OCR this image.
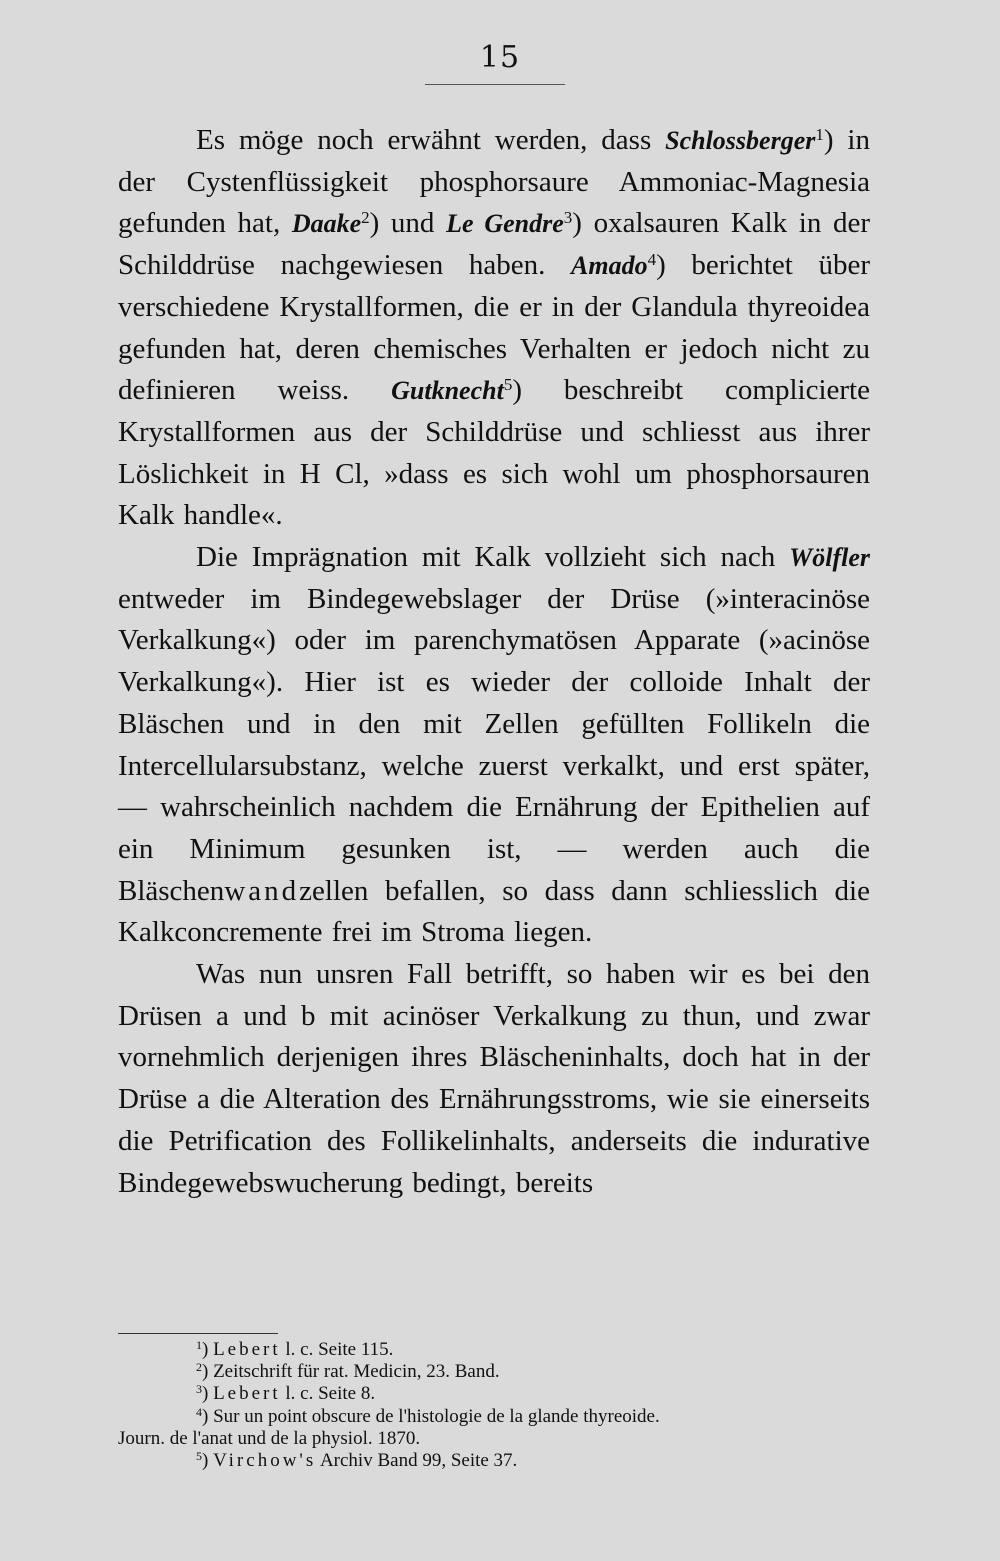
15

Es möge noch erwähnt werden, dass Schlossberger$^1$) in der Cystenflüssigkeit phosphorsaure Ammoniac-Magnesia gefunden hat, Daake$^2$) und Le Gendre$^3$) oxalsauren Kalk in der Schilddrüse nachgewiesen haben. Amado$^4$) berichtet über verschiedene Krystallformen, die er in der Glandula thyreoidea gefunden hat, deren chemisches Verhalten er jedoch nicht zu definieren weiss. Gutknecht$^5$) beschreibt complicierte Krystallformen aus der Schilddrüse und schliesst aus ihrer Löslichkeit in H Cl, »dass es sich wohl um phosphorsauren Kalk handle«.

Die Imprägnation mit Kalk vollzieht sich nach Wölfler entweder im Bindegewebslager der Drüse (»interacinöse Verkalkung«) oder im parenchymatösen Apparate (»acinöse Verkalkung«). Hier ist es wieder der colloide Inhalt der Bläschen und in den mit Zellen gefüllten Follikeln die Intercellularsubstanz, welche zuerst verkalkt, und erst später, — wahrscheinlich nachdem die Ernährung der Epithelien auf ein Minimum gesunken ist, — werden auch die Bläschenwandzellen befallen, so dass dann schliesslich die Kalkconcremente frei im Stroma liegen.

Was nun unsren Fall betrifft, so haben wir es bei den Drüsen a und b mit acinöser Verkalkung zu thun, und zwar vornehmlich derjenigen ihres Bläscheninhalts, doch hat in der Drüse a die Alteration des Ernährungsstroms, wie sie einerseits die Petrification des Follikelinhalts, anderseits die indurative Bindegewebswucherung bedingt, bereits

$^1$) Lebert l. c. Seite 115.
$^2$) Zeitschrift für rat. Medicin, 23. Band.
$^3$) Lebert l. c. Seite 8.
$^4$) Sur un point obscure de l'histologie de la glande thyreoide.
Journ. de l'anat und de la physiol. 1870.
$^5$) Virchow's Archiv Band 99, Seite 37.
